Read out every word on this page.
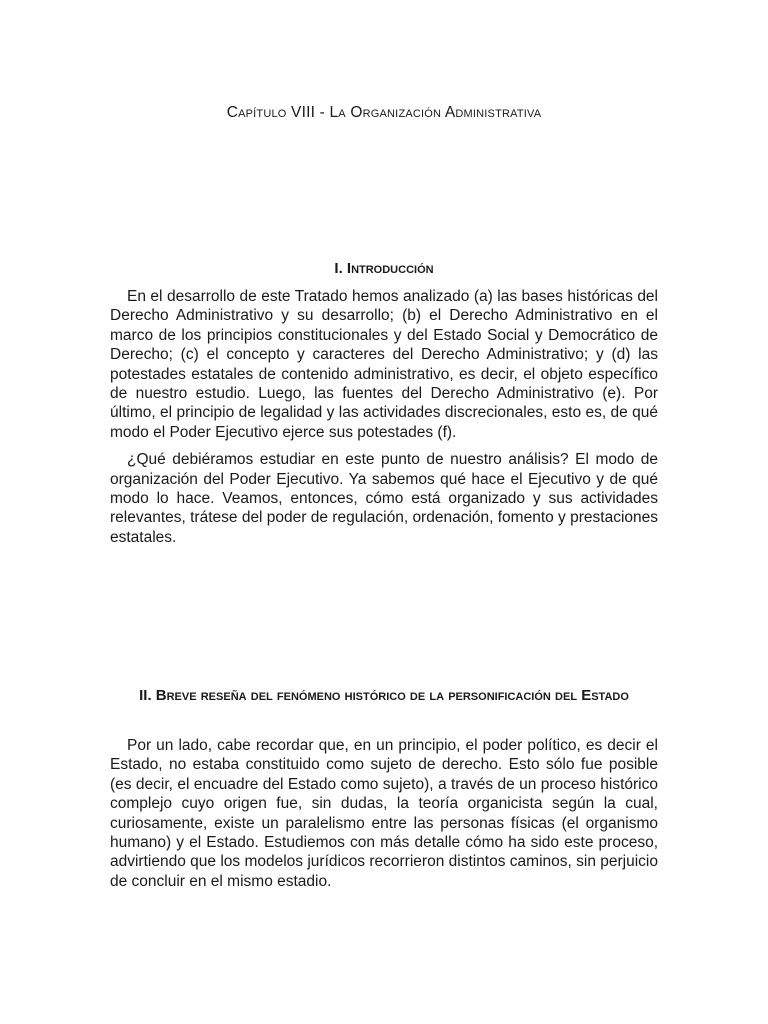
Capítulo VIII - La Organización Administrativa
I. Introducción

En el desarrollo de este Tratado hemos analizado (a) las bases históricas del Derecho Administrativo y su desarrollo; (b) el Derecho Administrativo en el marco de los principios constitucionales y del Estado Social y Democrático de Derecho; (c) el concepto y caracteres del Derecho Administrativo; y (d) las potestades estatales de contenido administrativo, es decir, el objeto específico de nuestro estudio. Luego, las fuentes del Derecho Administrativo (e). Por último, el principio de legalidad y las actividades discrecionales, esto es, de qué modo el Poder Ejecutivo ejerce sus potestades (f).

¿Qué debiéramos estudiar en este punto de nuestro análisis? El modo de organización del Poder Ejecutivo. Ya sabemos qué hace el Ejecutivo y de qué modo lo hace. Veamos, entonces, cómo está organizado y sus actividades relevantes, trátese del poder de regulación, ordenación, fomento y prestaciones estatales.

II. Breve reseña del fenómeno histórico de la personificación del Estado

Por un lado, cabe recordar que, en un principio, el poder político, es decir el Estado, no estaba constituido como sujeto de derecho. Esto sólo fue posible (es decir, el encuadre del Estado como sujeto), a través de un proceso histórico complejo cuyo origen fue, sin dudas, la teoría organicista según la cual, curiosamente, existe un paralelismo entre las personas físicas (el organismo humano) y el Estado. Estudiemos con más detalle cómo ha sido este proceso, advirtiendo que los modelos jurídicos recorrieron distintos caminos, sin perjuicio de concluir en el mismo estadio.
